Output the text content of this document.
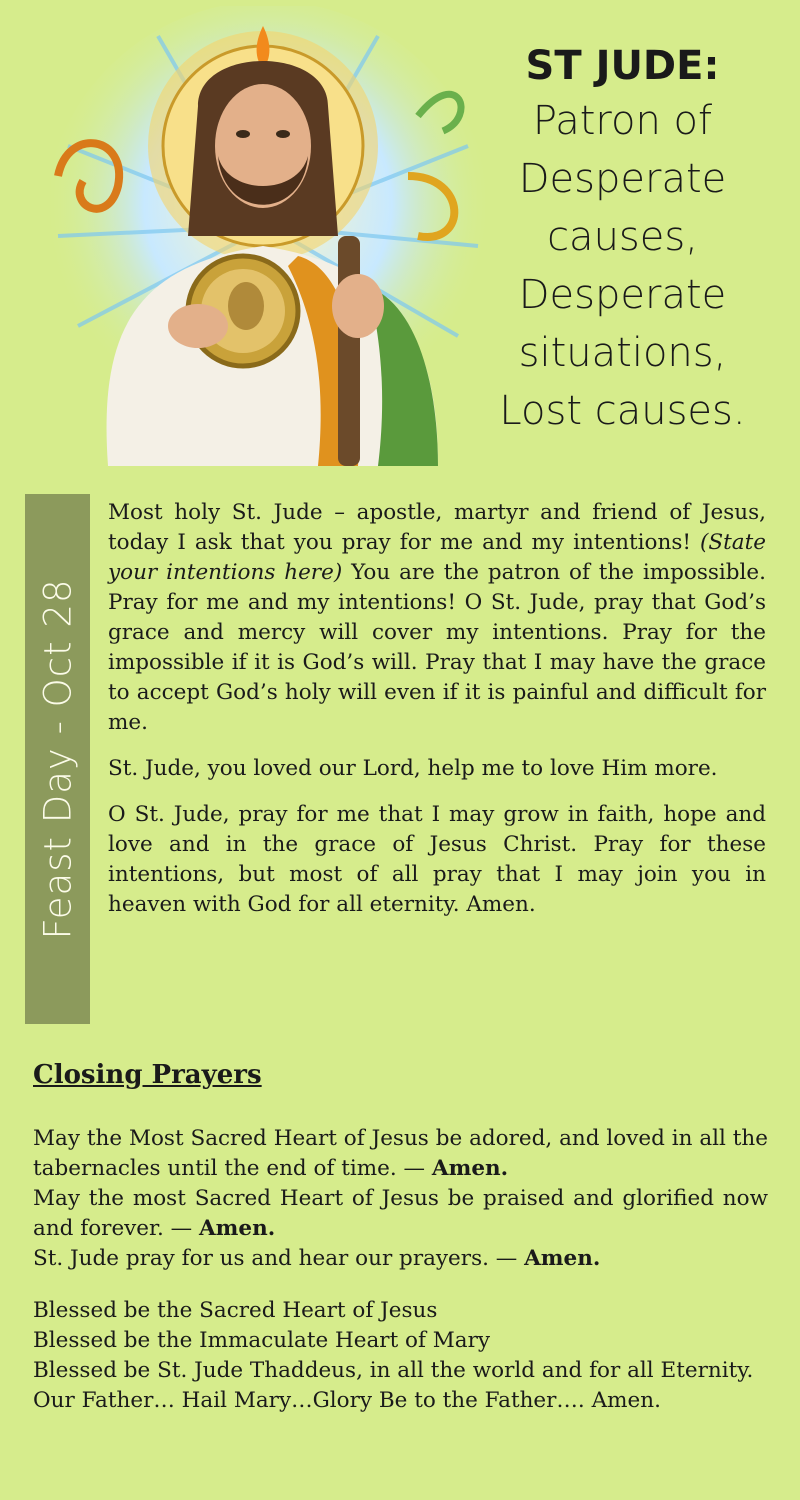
ST JUDE:
Patron of
Desperate
causes,
Desperate
situations,
Lost causes.
Feast Day - Oct 28

Most holy St. Jude – apostle, martyr and friend of Jesus, today I ask that you pray for me and my intentions! (State your intentions here) You are the patron of the impossible. Pray for me and my intentions! O St. Jude, pray that God’s grace and mercy will cover my intentions. Pray for the impossible if it is God’s will. Pray that I may have the grace to accept God’s holy will even if it is painful and difficult for me.

St. Jude, you loved our Lord, help me to love Him more.

O St. Jude, pray for me that I may grow in faith, hope and love and in the grace of Jesus Christ. Pray for these intentions, but most of all pray that I may join you in heaven with God for all eternity. Amen.

Closing Prayers
May the Most Sacred Heart of Jesus be adored, and loved in all the tabernacles until the end of time. — Amen.
May the most Sacred Heart of Jesus be praised and glorified now and forever. — Amen.
St. Jude pray for us and hear our prayers. — Amen.
Blessed be the Sacred Heart of Jesus
Blessed be the Immaculate Heart of Mary
Blessed be St. Jude Thaddeus, in all the world and for all Eternity.
Our Father… Hail Mary…Glory Be to the Father…. Amen.
